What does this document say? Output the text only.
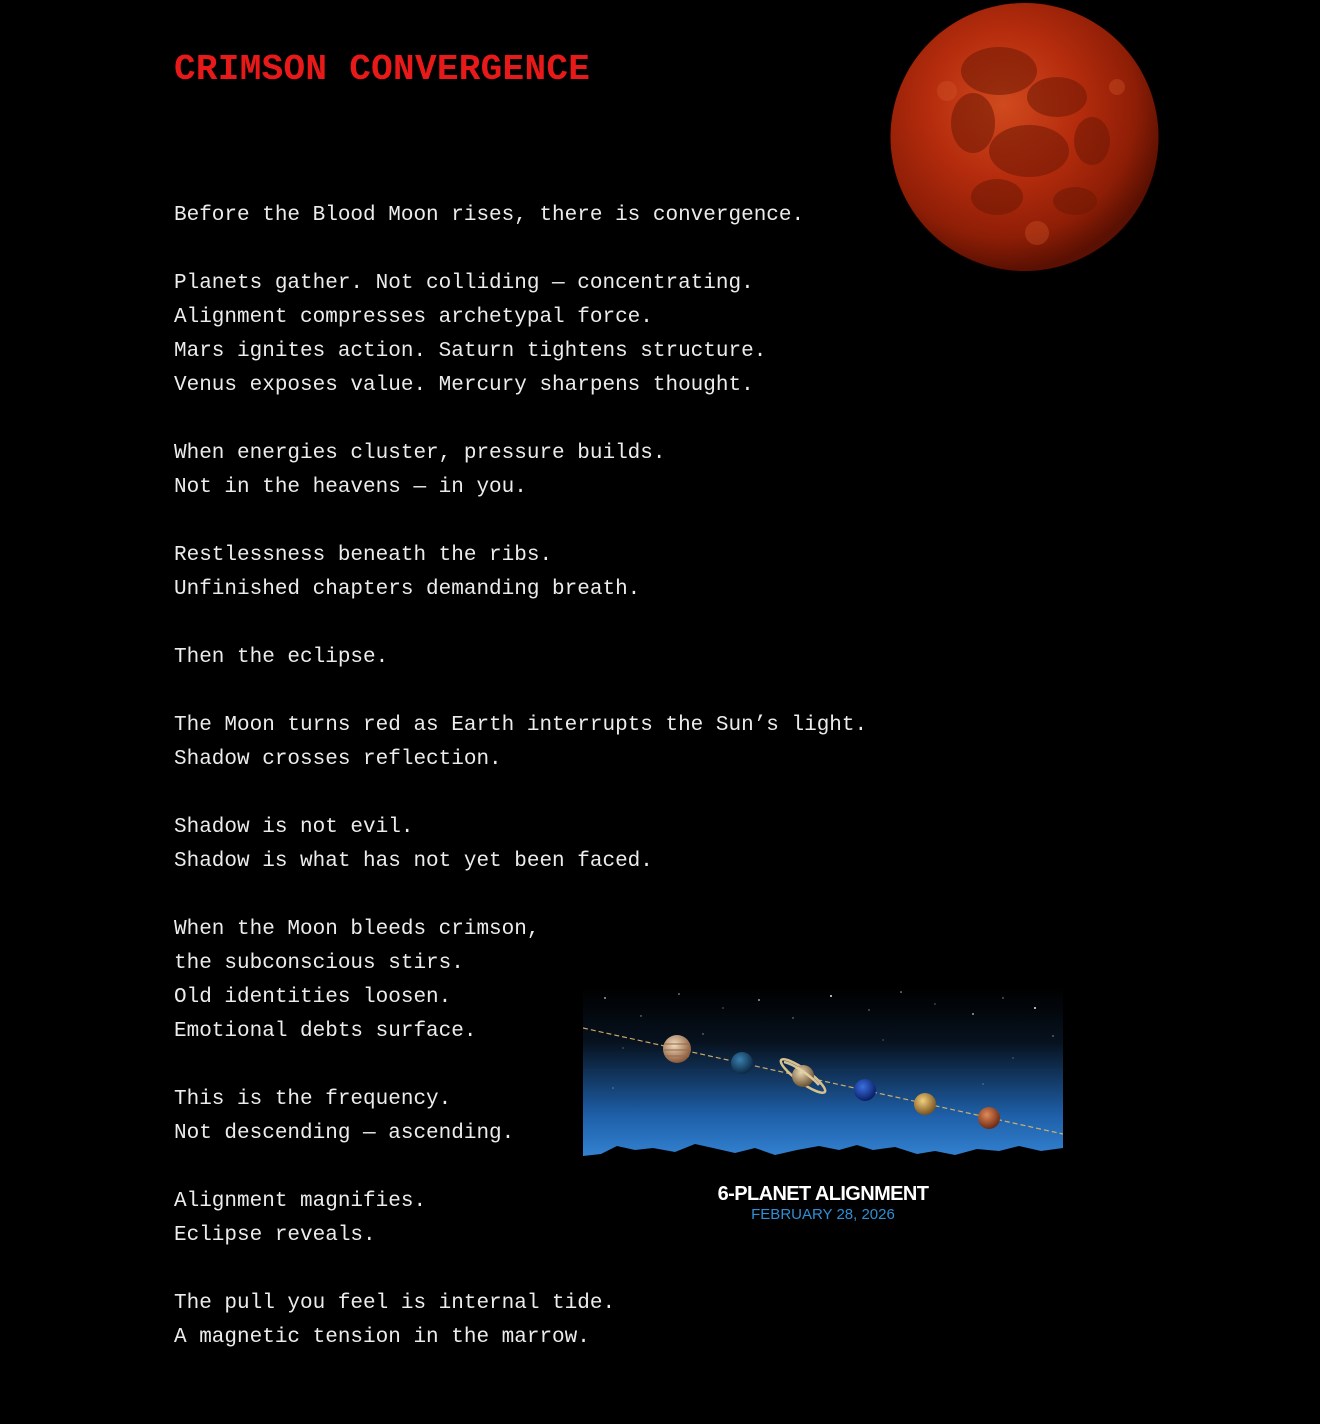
CRIMSON CONVERGENCE

Before the Blood Moon rises, there is convergence.

Planets gather. Not colliding — concentrating.

Alignment compresses archetypal force.

Mars ignites action. Saturn tightens structure.

Venus exposes value. Mercury sharpens thought.

When energies cluster, pressure builds.

Not in the heavens — in you.

Restlessness beneath the ribs.

Unfinished chapters demanding breath.

Then the eclipse.

The Moon turns red as Earth interrupts the Sun’s light.

Shadow crosses reflection.

Shadow is not evil.

Shadow is what has not yet been faced.

When the Moon bleeds crimson,

the subconscious stirs.

Old identities loosen.

Emotional debts surface.

This is the frequency.

Not descending — ascending.

Alignment magnifies.

Eclipse reveals.

The pull you feel is internal tide.

A magnetic tension in the marrow.

6-PLANET ALIGNMENT
FEBRUARY 28, 2026
